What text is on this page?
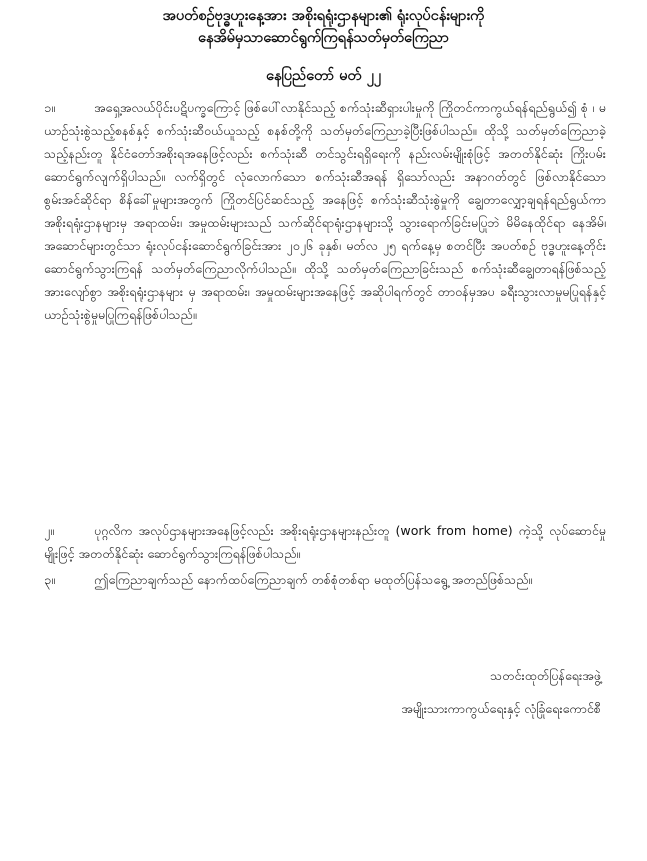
အပတ်စဉ်ဗုဒ္ဓဟူးနေ့အား အစိုးရရုံးဌာနများ၏ ရုံးလုပ်ငန်းများကို
နေအိမ်မှသာဆောင်ရွက်ကြရန်သတ်မှတ်ကြေညာ
နေပြည်တော် မတ် ၂၂
၁။	အရှေ့အလယ်ပိုင်းပဋိပက္ခကြောင့် ဖြစ်ပေါ်လာနိုင်သည့် စက်သုံးဆီရှားပါးမှုကို ကြိုတင်ကာကွယ်ရန်ရည်ရွယ်၍ စုံ ၊ မ ယာဉ်သုံးစွဲသည့်စနစ်နှင့် စက်သုံးဆီဝယ်ယူသည့် စနစ်တို့ကို သတ်မှတ်ကြေညာခဲ့ပြီးဖြစ်ပါသည်။ ထိုသို့ သတ်မှတ်ကြေညာခဲ့သည့်နည်းတူ နိုင်ငံတော်အစိုးရအနေဖြင့်လည်း စက်သုံးဆီ တင်သွင်းရရှိရေးကို နည်းလမ်းမျိုးစုံဖြင့် အတတ်နိုင်ဆုံး ကြိုးပမ်းဆောင်ရွက်လျက်ရှိပါသည်။ လက်ရှိတွင် လုံလောက်သော စက်သုံးဆီအရန် ရှိသော်လည်း အနာဂတ်တွင် ဖြစ်လာနိုင်သော စွမ်းအင်ဆိုင်ရာ စိန်ခေါ်မှုများအတွက် ကြိုတင်ပြင်ဆင်သည့် အနေဖြင့် စက်သုံးဆီသုံးစွဲမှုကို ချွေတာလျှော့ချရန်ရည်ရွယ်ကာ အစိုးရရုံးဌာနများမှ အရာထမ်း၊ အမှုထမ်းများသည် သက်ဆိုင်ရာရုံးဌာနများသို့ သွားရောက်ခြင်းမပြုဘဲ မိမိနေထိုင်ရာ နေအိမ်၊ အဆောင်များတွင်သာ ရုံးလုပ်ငန်းဆောင်ရွက်ခြင်းအား ၂၀၂၆ ခုနှစ်၊ မတ်လ ၂၅ ရက်နေ့မှ စတင်ပြီး အပတ်စဉ် ဗုဒ္ဓဟူးနေ့တိုင်းဆောင်ရွက်သွားကြရန် သတ်မှတ်ကြေညာလိုက်ပါသည်။ ထိုသို့ သတ်မှတ်ကြေညာခြင်းသည် စက်သုံးဆီချွေတာရန်ဖြစ်သည့်အားလျော်စွာ အစိုးရရုံးဌာနများ မှ အရာထမ်း၊ အမှုထမ်းများအနေဖြင့် အဆိုပါရက်တွင် တာဝန်မှအပ ခရီးသွားလာမှုမပြုရန်နှင့် ယာဉ်သုံးစွဲမှုမပြုကြရန်ဖြစ်ပါသည်။
၂။	ပုဂ္ဂလိက အလုပ်ဌာနများအနေဖြင့်လည်း အစိုးရရုံးဌာနများနည်းတူ (work from home) ကဲ့သို့ လုပ်ဆောင်မှုမျိုးဖြင့် အတတ်နိုင်ဆုံး ဆောင်ရွက်သွားကြရန်ဖြစ်ပါသည်။
၃။	ဤကြေညာချက်သည် နောက်ထပ်ကြေညာချက် တစ်စုံတစ်ရာ မထုတ်ပြန်သရွေ့ အတည်ဖြစ်သည်။
သတင်းထုတ်ပြန်ရေးအဖွဲ့
အမျိုးသားကာကွယ်ရေးနှင့် လုံခြုံရေးကောင်စီ
